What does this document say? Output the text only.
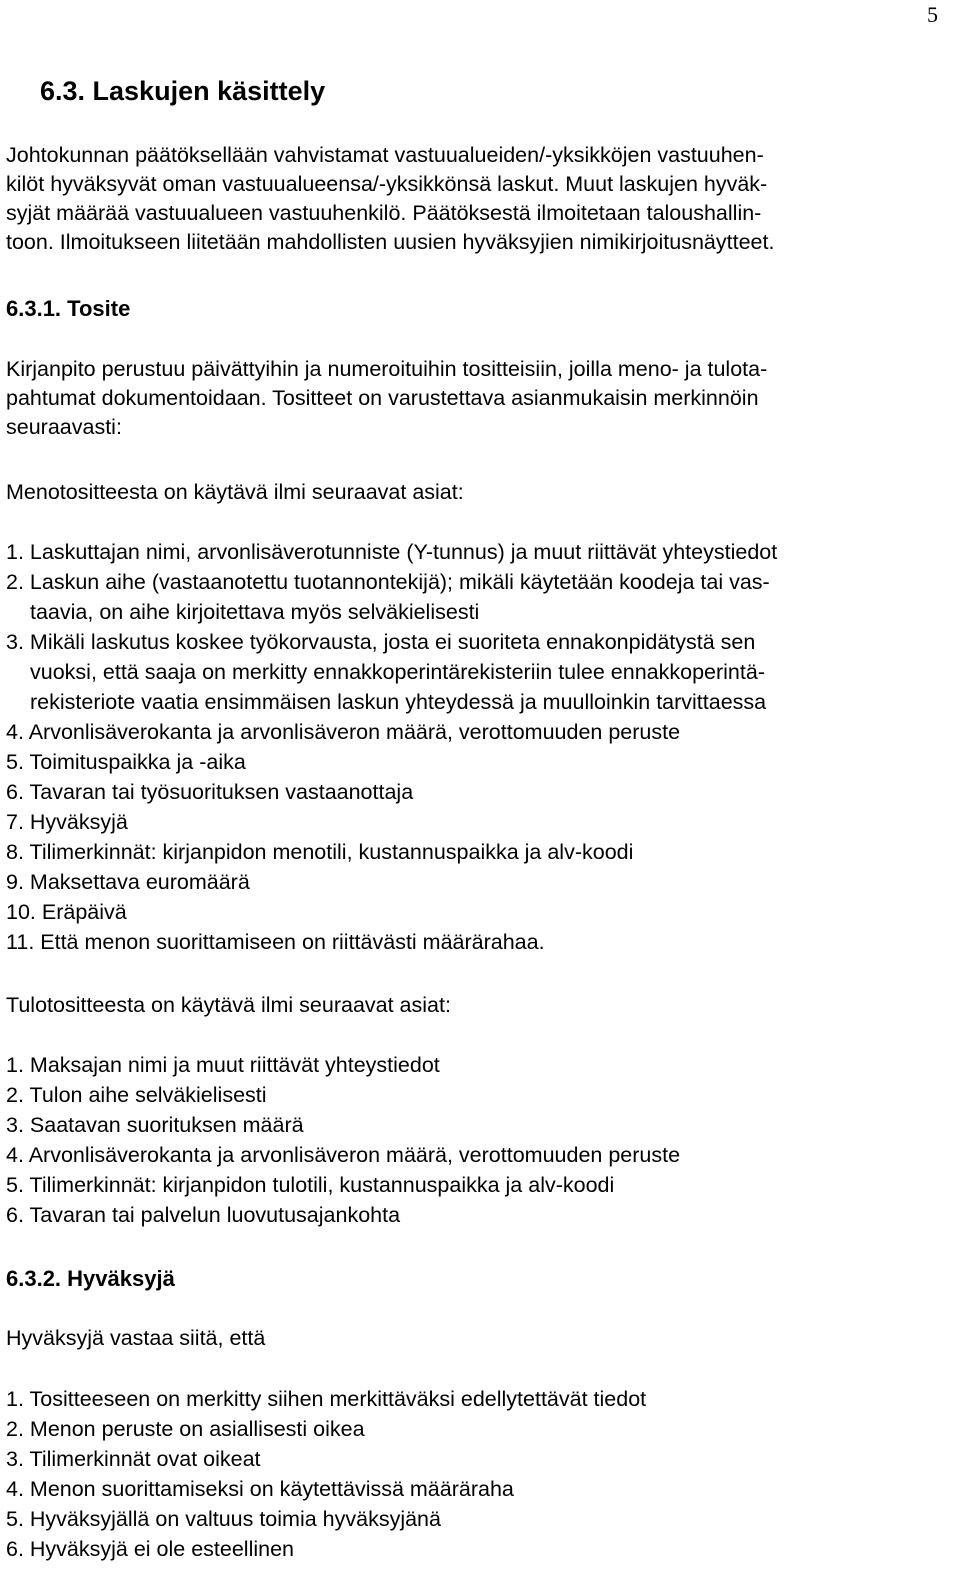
5
6.3. Laskujen käsittely
Johtokunnan päätöksellään vahvistamat vastuualueiden/-yksikköjen vastuuhen-
kilöt hyväksyvät oman vastuualueensa/-yksikkönsä laskut. Muut laskujen hyväk-
syjät määrää vastuualueen vastuuhenkilö. Päätöksestä ilmoitetaan taloushallin-
toon. Ilmoitukseen liitetään mahdollisten uusien hyväksyjien nimikirjoitusnäytteet.
6.3.1. Tosite
Kirjanpito perustuu päivättyihin ja numeroituihin tositteisiin, joilla meno- ja tulota-
pahtumat dokumentoidaan. Tositteet on varustettava asianmukaisin merkinnöin
seuraavasti:
Menotositteesta on käytävä ilmi seuraavat asiat:
1. Laskuttajan nimi, arvonlisäverotunniste (Y-tunnus) ja muut riittävät yhteystiedot
2. Laskun aihe (vastaanotettu tuotannontekijä); mikäli käytetään koodeja tai vas-
taavia, on aihe kirjoitettava myös selväkielisesti
3. Mikäli laskutus koskee työkorvausta, josta ei suoriteta ennakonpidätystä sen
vuoksi, että saaja on merkitty ennakkoperintärekisteriin tulee ennakkoperintä-
rekisteriote vaatia ensimmäisen laskun yhteydessä ja muulloinkin tarvittaessa
4. Arvonlisäverokanta ja arvonlisäveron määrä, verottomuuden peruste
5. Toimituspaikka ja -aika
6. Tavaran tai työsuorituksen vastaanottaja
7. Hyväksyjä
8. Tilimerkinnät: kirjanpidon menotili, kustannuspaikka ja alv-koodi
9. Maksettava euromäärä
10. Eräpäivä
11. Että menon suorittamiseen on riittävästi määrärahaa.
Tulotositteesta on käytävä ilmi seuraavat asiat:
1. Maksajan nimi ja muut riittävät yhteystiedot
2. Tulon aihe selväkielisesti
3. Saatavan suorituksen määrä
4. Arvonlisäverokanta ja arvonlisäveron määrä, verottomuuden peruste
5. Tilimerkinnät: kirjanpidon tulotili, kustannuspaikka ja alv-koodi
6. Tavaran tai palvelun luovutusajankohta
6.3.2. Hyväksyjä
Hyväksyjä vastaa siitä, että
1. Tositteeseen on merkitty siihen merkittäväksi edellytettävät tiedot
2. Menon peruste on asiallisesti oikea
3. Tilimerkinnät ovat oikeat
4. Menon suorittamiseksi on käytettävissä määräraha
5. Hyväksyjällä on valtuus toimia hyväksyjänä
6. Hyväksyjä ei ole esteellinen
